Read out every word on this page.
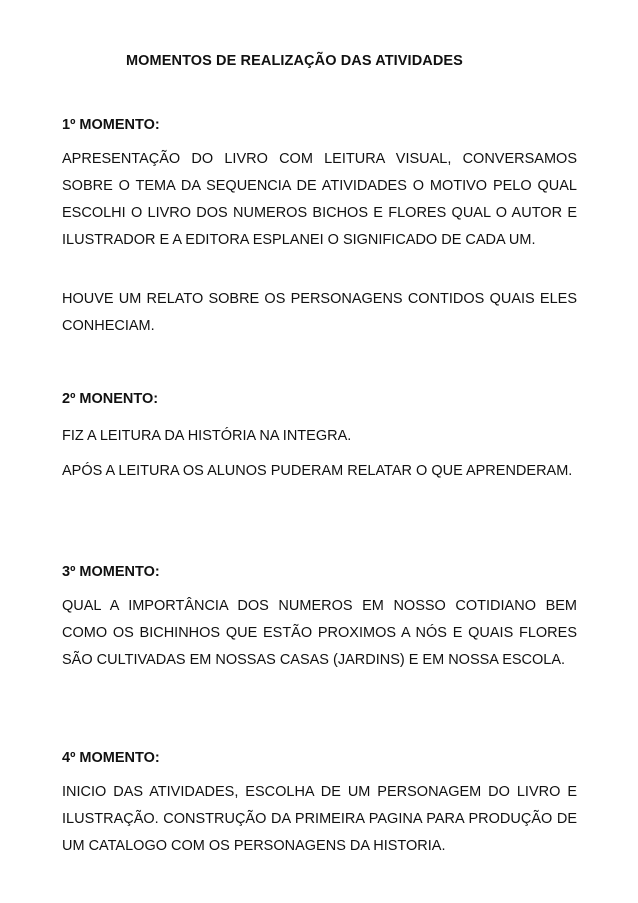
MOMENTOS DE REALIZAÇÃO DAS ATIVIDADES
1º MOMENTO:
APRESENTAÇÃO DO LIVRO COM LEITURA VISUAL, CONVERSAMOS SOBRE O TEMA DA SEQUENCIA DE ATIVIDADES O MOTIVO PELO QUAL ESCOLHI O LIVRO DOS NUMEROS BICHOS E FLORES QUAL O AUTOR E ILUSTRADOR E A EDITORA ESPLANEI O SIGNIFICADO DE CADA UM.
HOUVE UM RELATO SOBRE OS PERSONAGENS CONTIDOS QUAIS ELES CONHECIAM.
2º MONENTO:
FIZ A LEITURA DA HISTÓRIA NA INTEGRA.
APÓS A LEITURA OS ALUNOS PUDERAM RELATAR O QUE APRENDERAM.
3º MOMENTO:
QUAL A IMPORTÂNCIA DOS NUMEROS EM NOSSO COTIDIANO BEM COMO OS BICHINHOS QUE ESTÃO PROXIMOS A NÓS E QUAIS FLORES SÃO CULTIVADAS EM NOSSAS CASAS (JARDINS) E EM NOSSA ESCOLA.
4º MOMENTO:
INICIO DAS ATIVIDADES, ESCOLHA DE UM PERSONAGEM DO LIVRO E ILUSTRAÇÃO. CONSTRUÇÃO DA PRIMEIRA PAGINA PARA PRODUÇÃO DE UM CATALOGO COM OS PERSONAGENS DA HISTORIA.
